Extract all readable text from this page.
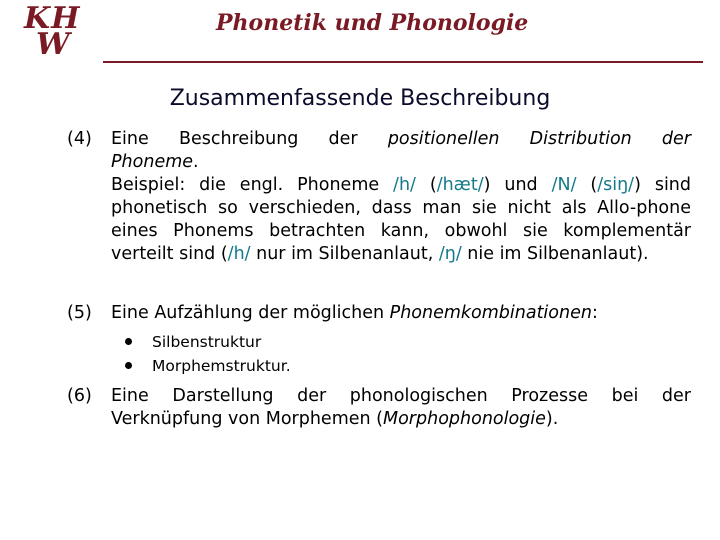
KH
W
Phonetik und Phonologie
Zusammenfassende Beschreibung
(4)	Eine Beschreibung der positionellen Distribution der
Phoneme.
Beispiel: die engl. Phoneme /h/ (/hæt/) und /N/ (/siŋ/) sind phonetisch so verschieden, dass man sie nicht als Allo-phone eines Phonems betrachten kann, obwohl sie komplementär verteilt sind (/h/ nur im Silbenanlaut, /ŋ/ nie im Silbenanlaut).
(5)	Eine Aufzählung der möglichen Phonemkombinationen:
Silbenstruktur
Morphemstruktur.
(6)	Eine Darstellung der phonologischen Prozesse bei der Verknüpfung von Morphemen (Morphophonologie).
